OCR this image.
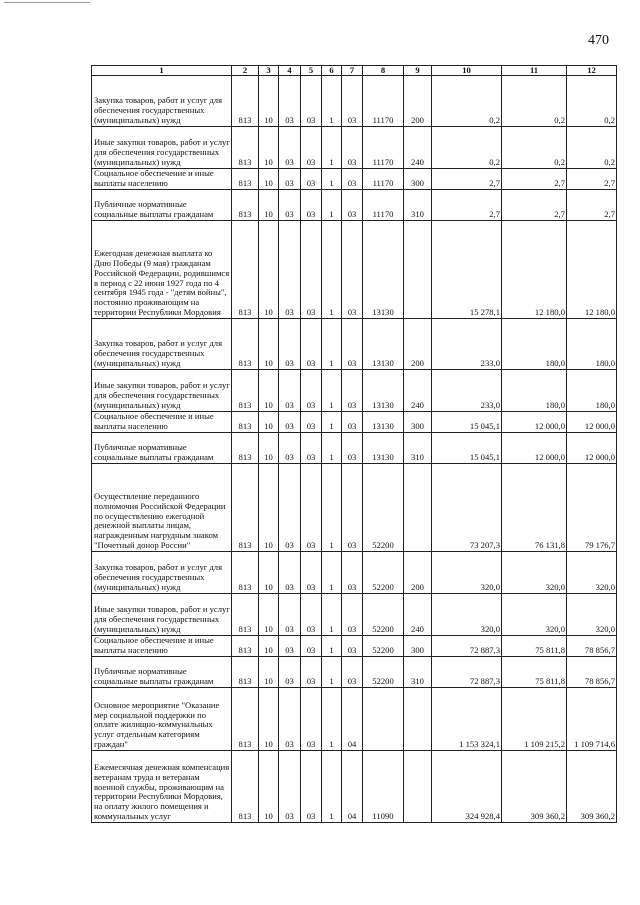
470
1	2	3	4	5	6	7	8	9	10	11	12
Закупка товаров, работ и услуг для обеспечения государственных (муниципальных) нужд	813	10	03	03	1	03	11170	200	0,2	0,2	0,2
Иные закупки товаров, работ и услуг для обеспечения государственных (муниципальных) нужд	813	10	03	03	1	03	11170	240	0,2	0,2	0,2
Социальное обеспечение и иные выплаты населению	813	10	03	03	1	03	11170	300	2,7	2,7	2,7
Публичные нормативные социальные выплаты гражданам	813	10	03	03	1	03	11170	310	2,7	2,7	2,7
Ежегодная денежная выплата ко Дню Победы (9 мая) гражданам Российской Федерации, родившимся в период с 22 июня 1927 года по 4 сентября 1945 года - "детям войны", постоянно проживающим на территории Республики Мордовия	813	10	03	03	1	03	13130		15 278,1	12 180,0	12 180,0
Закупка товаров, работ и услуг для обеспечения государственных (муниципальных) нужд	813	10	03	03	1	03	13130	200	233,0	180,0	180,0
Иные закупки товаров, работ и услуг для обеспечения государственных (муниципальных) нужд	813	10	03	03	1	03	13130	240	233,0	180,0	180,0
Социальное обеспечение и иные выплаты населению	813	10	03	03	1	03	13130	300	15 045,1	12 000,0	12 000,0
Публичные нормативные социальные выплаты гражданам	813	10	03	03	1	03	13130	310	15 045,1	12 000,0	12 000,0
Осуществление переданного полномочия Российской Федерации по осуществлению ежегодной денежной выплаты лицам, награжденным нагрудным знаком "Почетный донор России"	813	10	03	03	1	03	52200		73 207,3	76 131,8	79 176,7
Закупка товаров, работ и услуг для обеспечения государственных (муниципальных) нужд	813	10	03	03	1	03	52200	200	320,0	320,0	320,0
Иные закупки товаров, работ и услуг для обеспечения государственных (муниципальных) нужд	813	10	03	03	1	03	52200	240	320,0	320,0	320,0
Социальное обеспечение и иные выплаты населению	813	10	03	03	1	03	52200	300	72 887,3	75 811,8	78 856,7
Публичные нормативные социальные выплаты гражданам	813	10	03	03	1	03	52200	310	72 887,3	75 811,8	78 856,7
Основное мероприятие "Оказание мер социальной поддержки по оплате жилищно-коммунальных услуг отдельным категориям граждан"	813	10	03	03	1	04			1 153 324,1	1 109 215,2	1 109 714,6
Ежемесячная денежная компенсация ветеранам труда и ветеранам военной службы, проживающим на территории Республики Мордовия, на оплату жилого помещения и коммунальных услуг	813	10	03	03	1	04	11090		324 928,4	309 360,2	309 360,2
